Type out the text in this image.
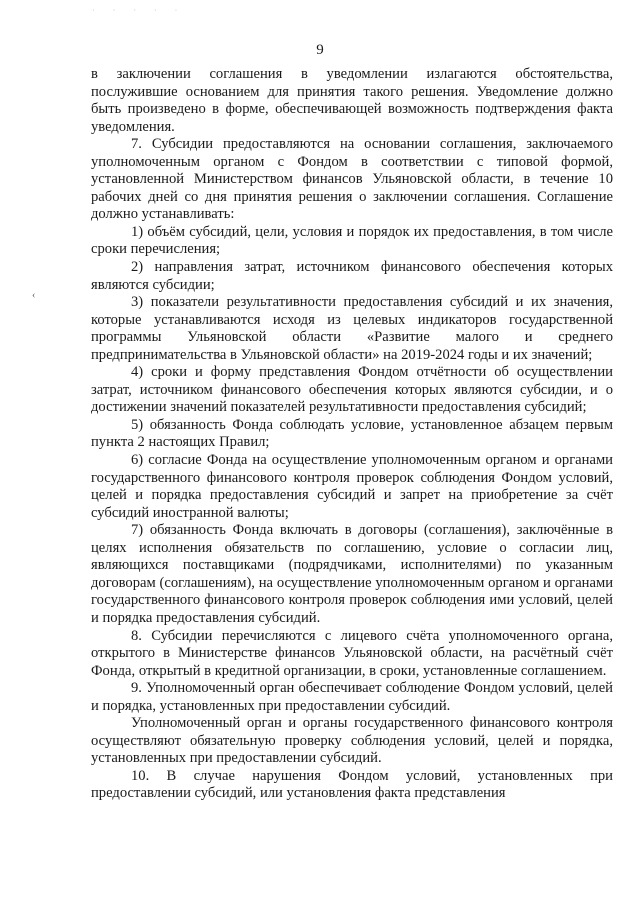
· · · · ·
9
‹

в заключении соглашения в уведомлении излагаются обстоятельства, послужившие основанием для принятия такого решения. Уведомление должно быть произведено в форме, обеспечивающей возможность подтверждения факта уведомления.

7. Субсидии предоставляются на основании соглашения, заключаемого уполномоченным органом с Фондом в соответствии с типовой формой, установленной Министерством финансов Ульяновской области, в течение 10 рабочих дней со дня принятия решения о заключении соглашения. Соглашение должно устанавливать:

1) объём субсидий, цели, условия и порядок их предоставления, в том числе сроки перечисления;

2) направления затрат, источником финансового обеспечения которых являются субсидии;

3) показатели результативности предоставления субсидий и их значения, которые устанавливаются исходя из целевых индикаторов государственной программы Ульяновской области «Развитие малого и среднего предпринимательства в Ульяновской области» на 2019-2024 годы и их значений;

4) сроки и форму представления Фондом отчётности об осуществлении затрат, источником финансового обеспечения которых являются субсидии, и о достижении значений показателей результативности предоставления субсидий;

5) обязанность Фонда соблюдать условие, установленное абзацем первым пункта 2 настоящих Правил;

6) согласие Фонда на осуществление уполномоченным органом и органами государственного финансового контроля проверок соблюдения Фондом условий, целей и порядка предоставления субсидий и запрет на приобретение за счёт субсидий иностранной валюты;

7) обязанность Фонда включать в договоры (соглашения), заключённые в целях исполнения обязательств по соглашению, условие о согласии лиц, являющихся поставщиками (подрядчиками, исполнителями) по указанным договорам (соглашениям), на осуществление уполномоченным органом и органами государственного финансового контроля проверок соблюдения ими условий, целей и порядка предоставления субсидий.

8. Субсидии перечисляются с лицевого счёта уполномоченного органа, открытого в Министерстве финансов Ульяновской области, на расчётный счёт Фонда, открытый в кредитной организации, в сроки, установленные соглашением.

9. Уполномоченный орган обеспечивает соблюдение Фондом условий, целей и порядка, установленных при предоставлении субсидий.

Уполномоченный орган и органы государственного финансового контроля осуществляют обязательную проверку соблюдения условий, целей и порядка, установленных при предоставлении субсидий.

10. В случае нарушения Фондом условий, установленных при предоставлении субсидий, или установления факта представления
